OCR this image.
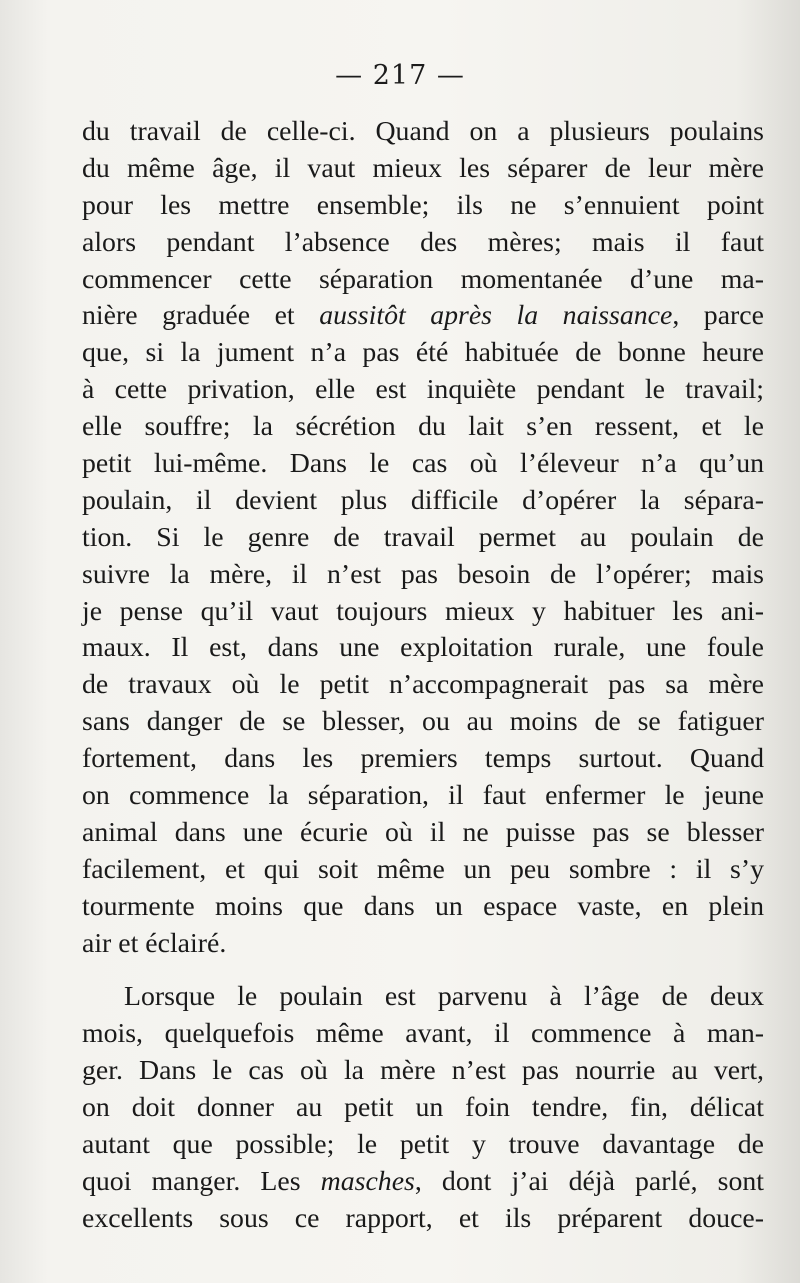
— 217 —
du travail de celle-ci. Quand on a plusieurs poulains
du même âge, il vaut mieux les séparer de leur mère
pour les mettre ensemble; ils ne s’ennuient point
alors pendant l’absence des mères; mais il faut
commencer cette séparation momentanée d’une ma-
nière graduée et aussitôt après la naissance, parce
que, si la jument n’a pas été habituée de bonne heure
à cette privation, elle est inquiète pendant le travail;
elle souffre; la sécrétion du lait s’en ressent, et le
petit lui-même. Dans le cas où l’éleveur n’a qu’un
poulain, il devient plus difficile d’opérer la sépara-
tion. Si le genre de travail permet au poulain de
suivre la mère, il n’est pas besoin de l’opérer; mais
je pense qu’il vaut toujours mieux y habituer les ani-
maux. Il est, dans une exploitation rurale, une foule
de travaux où le petit n’accompagnerait pas sa mère
sans danger de se blesser, ou au moins de se fatiguer
fortement, dans les premiers temps surtout. Quand
on commence la séparation, il faut enfermer le jeune
animal dans une écurie où il ne puisse pas se blesser
facilement, et qui soit même un peu sombre : il s’y
tourmente moins que dans un espace vaste, en plein
air et éclairé.
Lorsque le poulain est parvenu à l’âge de deux
mois, quelquefois même avant, il commence à man-
ger. Dans le cas où la mère n’est pas nourrie au vert,
on doit donner au petit un foin tendre, fin, délicat
autant que possible; le petit y trouve davantage de
quoi manger. Les masches, dont j’ai déjà parlé, sont
excellents sous ce rapport, et ils préparent douce-
